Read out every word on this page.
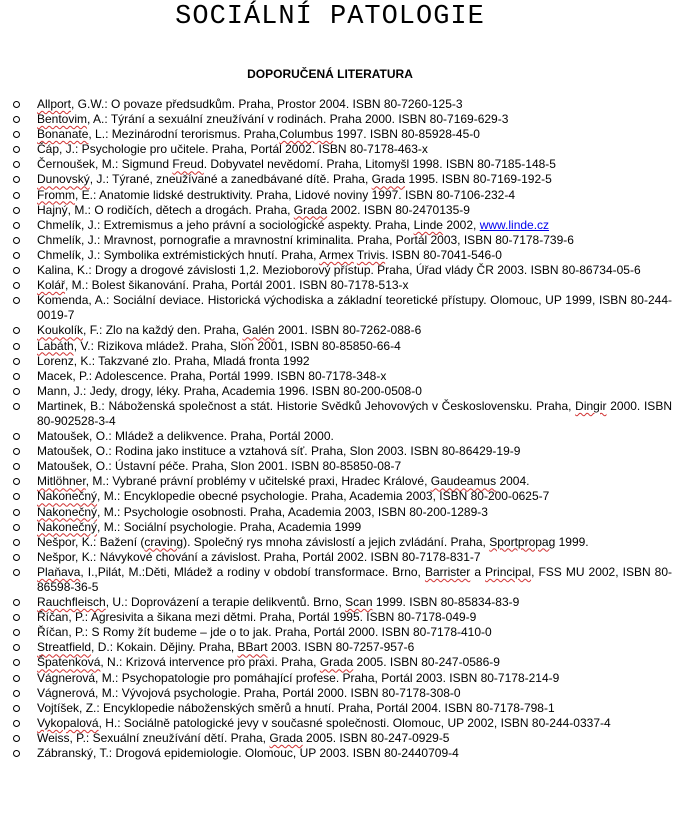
SOCIÁLNÍ PATOLOGIE
DOPORUČENÁ LITERATURA
Allport, G.W.: O povaze předsudkům. Praha, Prostor 2004. ISBN 80-7260-125-3
Bentovim, A.: Týrání a sexuální zneužívání v rodinách. Praha 2000. ISBN 80-7169-629-3
Bonanate, L.: Mezinárodní terorismus. Praha,Columbus 1997. ISBN 80-85928-45-0
Čáp, J.: Psychologie pro učitele. Praha, Portál 2002. ISBN 80-7178-463-x
Černoušek, M.: Sigmund Freud. Dobyvatel nevědomí. Praha, Litomyšl 1998. ISBN 80-7185-148-5
Dunovský, J.: Týrané, zneužívané a zanedbávané dítě. Praha, Grada 1995. ISBN 80-7169-192-5
Fromm, E.: Anatomie lidské destruktivity. Praha, Lidové noviny 1997. ISBN 80-7106-232-4
Hajný, M.: O rodičích, dětech a drogách. Praha, Grada 2002. ISBN 80-2470135-9
Chmelík, J.: Extremismus a jeho právní a sociologické aspekty. Praha, Linde 2002, www.linde.cz
Chmelík, J.: Mravnost, pornografie a mravnostní kriminalita. Praha, Portál 2003, ISBN 80-7178-739-6
Chmelík, J.: Symbolika extrémistických hnutí. Praha, Armex Trivis. ISBN 80-7041-546-0
Kalina, K.: Drogy a drogové závislosti 1,2. Mezioborový přístup. Praha, Úřad vlády ČR 2003. ISBN 80-86734-05-6
Kolář, M.: Bolest šikanování. Praha, Portál 2001. ISBN 80-7178-513-x
Komenda, A.: Sociální deviace. Historická východiska a základní teoretické přístupy. Olomouc, UP 1999, ISBN 80-244-0019-7
Koukolík, F.: Zlo na každý den. Praha, Galén 2001. ISBN 80-7262-088-6
Labáth, V.: Rizikova mládež. Praha, Slon 2001, ISBN 80-85850-66-4
Lorenz, K.: Takzvané zlo. Praha, Mladá fronta 1992
Macek, P.: Adolescence. Praha, Portál 1999. ISBN 80-7178-348-x
Mann, J.: Jedy, drogy, léky. Praha, Academia 1996. ISBN 80-200-0508-0
Martinek, B.: Náboženská společnost a stát. Historie Svědků Jehovových v Československu. Praha, Dingir 2000. ISBN 80-902528-3-4
Matoušek, O.: Mládež a delikvence. Praha, Portál 2000.
Matoušek, O.: Rodina jako instituce a vztahová síť. Praha, Slon 2003. ISBN 80-86429-19-9
Matoušek, O.: Ústavní péče. Praha, Slon 2001. ISBN 80-85850-08-7
Mitlöhner, M.: Vybrané právní problémy v učitelské praxi, Hradec Králové, Gaudeamus 2004.
Nakonečný, M.: Encyklopedie obecné psychologie. Praha, Academia 2003, ISBN 80-200-0625-7
Nakonečný, M.: Psychologie osobnosti. Praha, Academia 2003, ISBN 80-200-1289-3
Nakonečný, M.: Sociální psychologie. Praha, Academia 1999
Nešpor, K.: Bažení (craving). Společný rys mnoha závislostí a jejich zvládání. Praha, Sportpropag 1999.
Nešpor, K.: Návykové chování a závislost. Praha, Portál 2002. ISBN 80-7178-831-7
Plaňava, I.,Pilát, M.:Děti, Mládež a rodiny v období transformace. Brno, Barrister a Principal, FSS MU 2002, ISBN 80-86598-36-5
Rauchfleisch, U.: Doprovázení a terapie delikventů. Brno, Scan 1999. ISBN 80-85834-83-9
Říčan, P.: Agresivita a šikana mezi dětmi. Praha, Portál 1995. ISBN 80-7178-049-9
Říčan, P.: S Romy žít budeme – jde o to jak. Praha, Portál 2000. ISBN 80-7178-410-0
Streatfield, D.: Kokain. Dějiny. Praha, BBart 2003. ISBN 80-7257-957-6
Špatenková, N.: Krizová intervence pro praxi. Praha, Grada 2005. ISBN 80-247-0586-9
Vágnerová, M.: Psychopatologie pro pomáhající profese. Praha, Portál 2003. ISBN 80-7178-214-9
Vágnerová, M.: Vývojová psychologie. Praha, Portál 2000. ISBN 80-7178-308-0
Vojtíšek, Z.: Encyklopedie náboženských směrů a hnutí. Praha, Portál 2004. ISBN 80-7178-798-1
Vykopalová, H.: Sociálně patologické jevy v současné společnosti. Olomouc, UP 2002, ISBN 80-244-0337-4
Weiss, P.: Sexuální zneužívání dětí. Praha, Grada 2005. ISBN 80-247-0929-5
Zábranský, T.: Drogová epidemiologie. Olomouc, UP 2003. ISBN 80-2440709-4
